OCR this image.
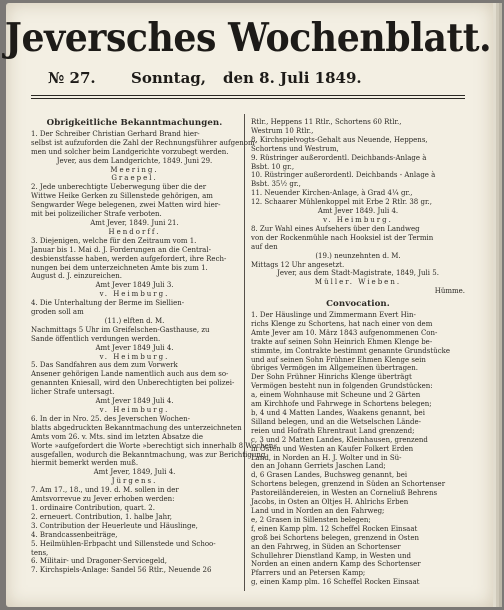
Jeversches Wochenblatt.
№ 27. Sonntag, den 8. Juli 1849.

Obrigkeitliche Bekanntmachungen.

1. Der Schreiber Christian Gerhard Brand hier-

selbst ist aufzuforden die Zahl der Rechnungsführer aufgenom-

men und solcher beim Landgerichte vorzubegt werden.

Jever, aus dem Landgerichte, 1849. Juni 29.

Meering.

Graepel.

2. Jede unberechtigte Ueberwegung über die der

Wittwe Heike Gerken zu Sillenstede gehörigen, am

Sengwarder Wege belegenen, zwei Matten wird hier-

mit bei polizeilicher Strafe verboten.

Amt Jever, 1849. Juni 21.

Hendorff.

3. Diejenigen, welche für den Zeitraum vom 1.

Januar bis 1. Mai d. J. Forderungen an die Central-

desbienstfasse haben, werden aufgefordert, ihre Rech-

nungen bei dem unterzeichneten Amte bis zum 1.

August d. J. einzureichen.

Amt Jever 1849 Juli 3.

v. Heimburg.

4. Die Unterhaltung der Berme im Siellien-

groden soll am

(11.) elften d. M.

Nachmittags 5 Uhr im Greifelschen-Gasthause, zu

Sande öffentlich verdungen werden.

Amt Jever 1849 Juli 4.

v. Heimburg.

5. Das Sandfahren aus dem zum Vorwerk

Ansener gehörigen Lande namentlich auch aus dem so-

genannten Kniesall, wird den Unberechtigten bei polizei-

licher Strafe untersagt.

Amt Jever 1849 Juli 4.

v. Heimburg.

6. In der in Nro. 25. des Jeverschen Wochen-

blatts abgedruckten Bekanntmachung des unterzeichneten

Amts vom 26. v. Mts. sind im letzten Absatze die

Worte »aufgefordert die Worte »berechtigt sich innerhalb 8 Wochen«

ausgefallen, wodurch die Bekanntmachung, was zur Berichtigung

hiermit bemerkt werden muß.

Amt Jever, 1849, Juli 4.

Jürgens.

7. Am 17., 18., und 19. d. M. sollen in der

Amtsvorrevue zu Jever erhoben werden:

1. ordinaire Contribution, quart. 2.

2. erneuert. Contribution, 1. halbe Jahr,

3. Contribution der Heuerleute und Häuslinge,

4. Brandcassenbeiträge,

5. Heilmühlen-Erbpacht und Sillenstede und Schoo-

tens,

6. Militair- und Dragoner-Servicegeld,

7. Kirchspiels-Anlage: Sandel 56 Rtlr., Neuende 26

Rtlr., Heppens 11 Rtlr., Schortens 60 Rtlr.,

Westrum 10 Rtlr.,

8. Kirchspielvogts-Gehalt aus Neuende, Heppens,

Schortens und Westrum,

9. Rüstringer außerordentl. Deichbands-Anlage à

Bsbt. 10 gr.,

10. Rüstringer außerordentl. Deichbands - Anlage à

Bsbt. 35½ gr.,

11. Neuender Kirchen-Anlage, à Grad 4¼ gr.,

12. Schaarer Mühlenkoppel mit Erbe 2 Rtlr. 38 gr.,

Amt Jever 1849. Juli 4.

v. Heimburg.

8. Zur Wahl eines Aufsehers über den Landweg

von der Rockenmühle nach Hooksiel ist der Termin

auf den

(19.) neunzehnten d. M.

Mittags 12 Uhr angesetzt.

Jever, aus dem Stadt-Magistrate, 1849, Juli 5.

Müller. Wieben.

Hümme.

Convocation.

1. Der Häuslinge und Zimmermann Evert Hin-

richs Klenge zu Schortens, hat nach einer von dem

Amte Jever am 10. März 1843 aufgenommenen Con-

trakte auf seinen Sohn Heinrich Ehmen Klenge be-

stimmte, im Contrakte bestimmt genannte Grundstücke

und auf seinen Sohn Frühner Ehmen Klenge sein

übriges Vermögen im Allgemeinen übertragen.

Der Sohn Frühner Hinrichs Klenge überträgt

Vermögen besteht nun in folgenden Grundstücken:

a, einem Wohnhause mit Scheune und 2 Gärten

am Kirchhofe und Fahrwege in Schortens belegen;

b, 4 und 4 Matten Landes, Waakens genannt, bei

Silland belegen, und an die Wetselschen Lände-

reien und Hofrath Ehrentraut Land grenzend;

c, 3 und 2 Matten Landes, Kleinhausen, grenzend

in Osten und Westen an Kaufer Folkert Erden

Land, in Norden an H. J. Wolter und in Sü-

den an Johann Gerriets Jaschen Land;

d, 6 Grasen Landes, Buchsweg genannt, bei

Schortens belegen, grenzend in Süden an Schortenser

Pastoreiländereien, in Westen an Corneliuß Behrens

Jacobs, in Osten an Oltjes H. Ahlrichs Erben

Land und in Norden an den Fahrweg;

e, 2 Grasen in Sillensten belegen;

f, einen Kamp plm. 12 Scheffel Rocken Einsaat

groß bei Schortens belegen, grenzend in Osten

an den Fahrweg, in Süden an Schortenser

Schullehrer Dienstland Kamp, in Westen und

Norden an einen andern Kamp des Schortenser

Pfarrers und an Petersen Kamp;

g, einen Kamp plm. 16 Scheffel Rocken Einsaat
